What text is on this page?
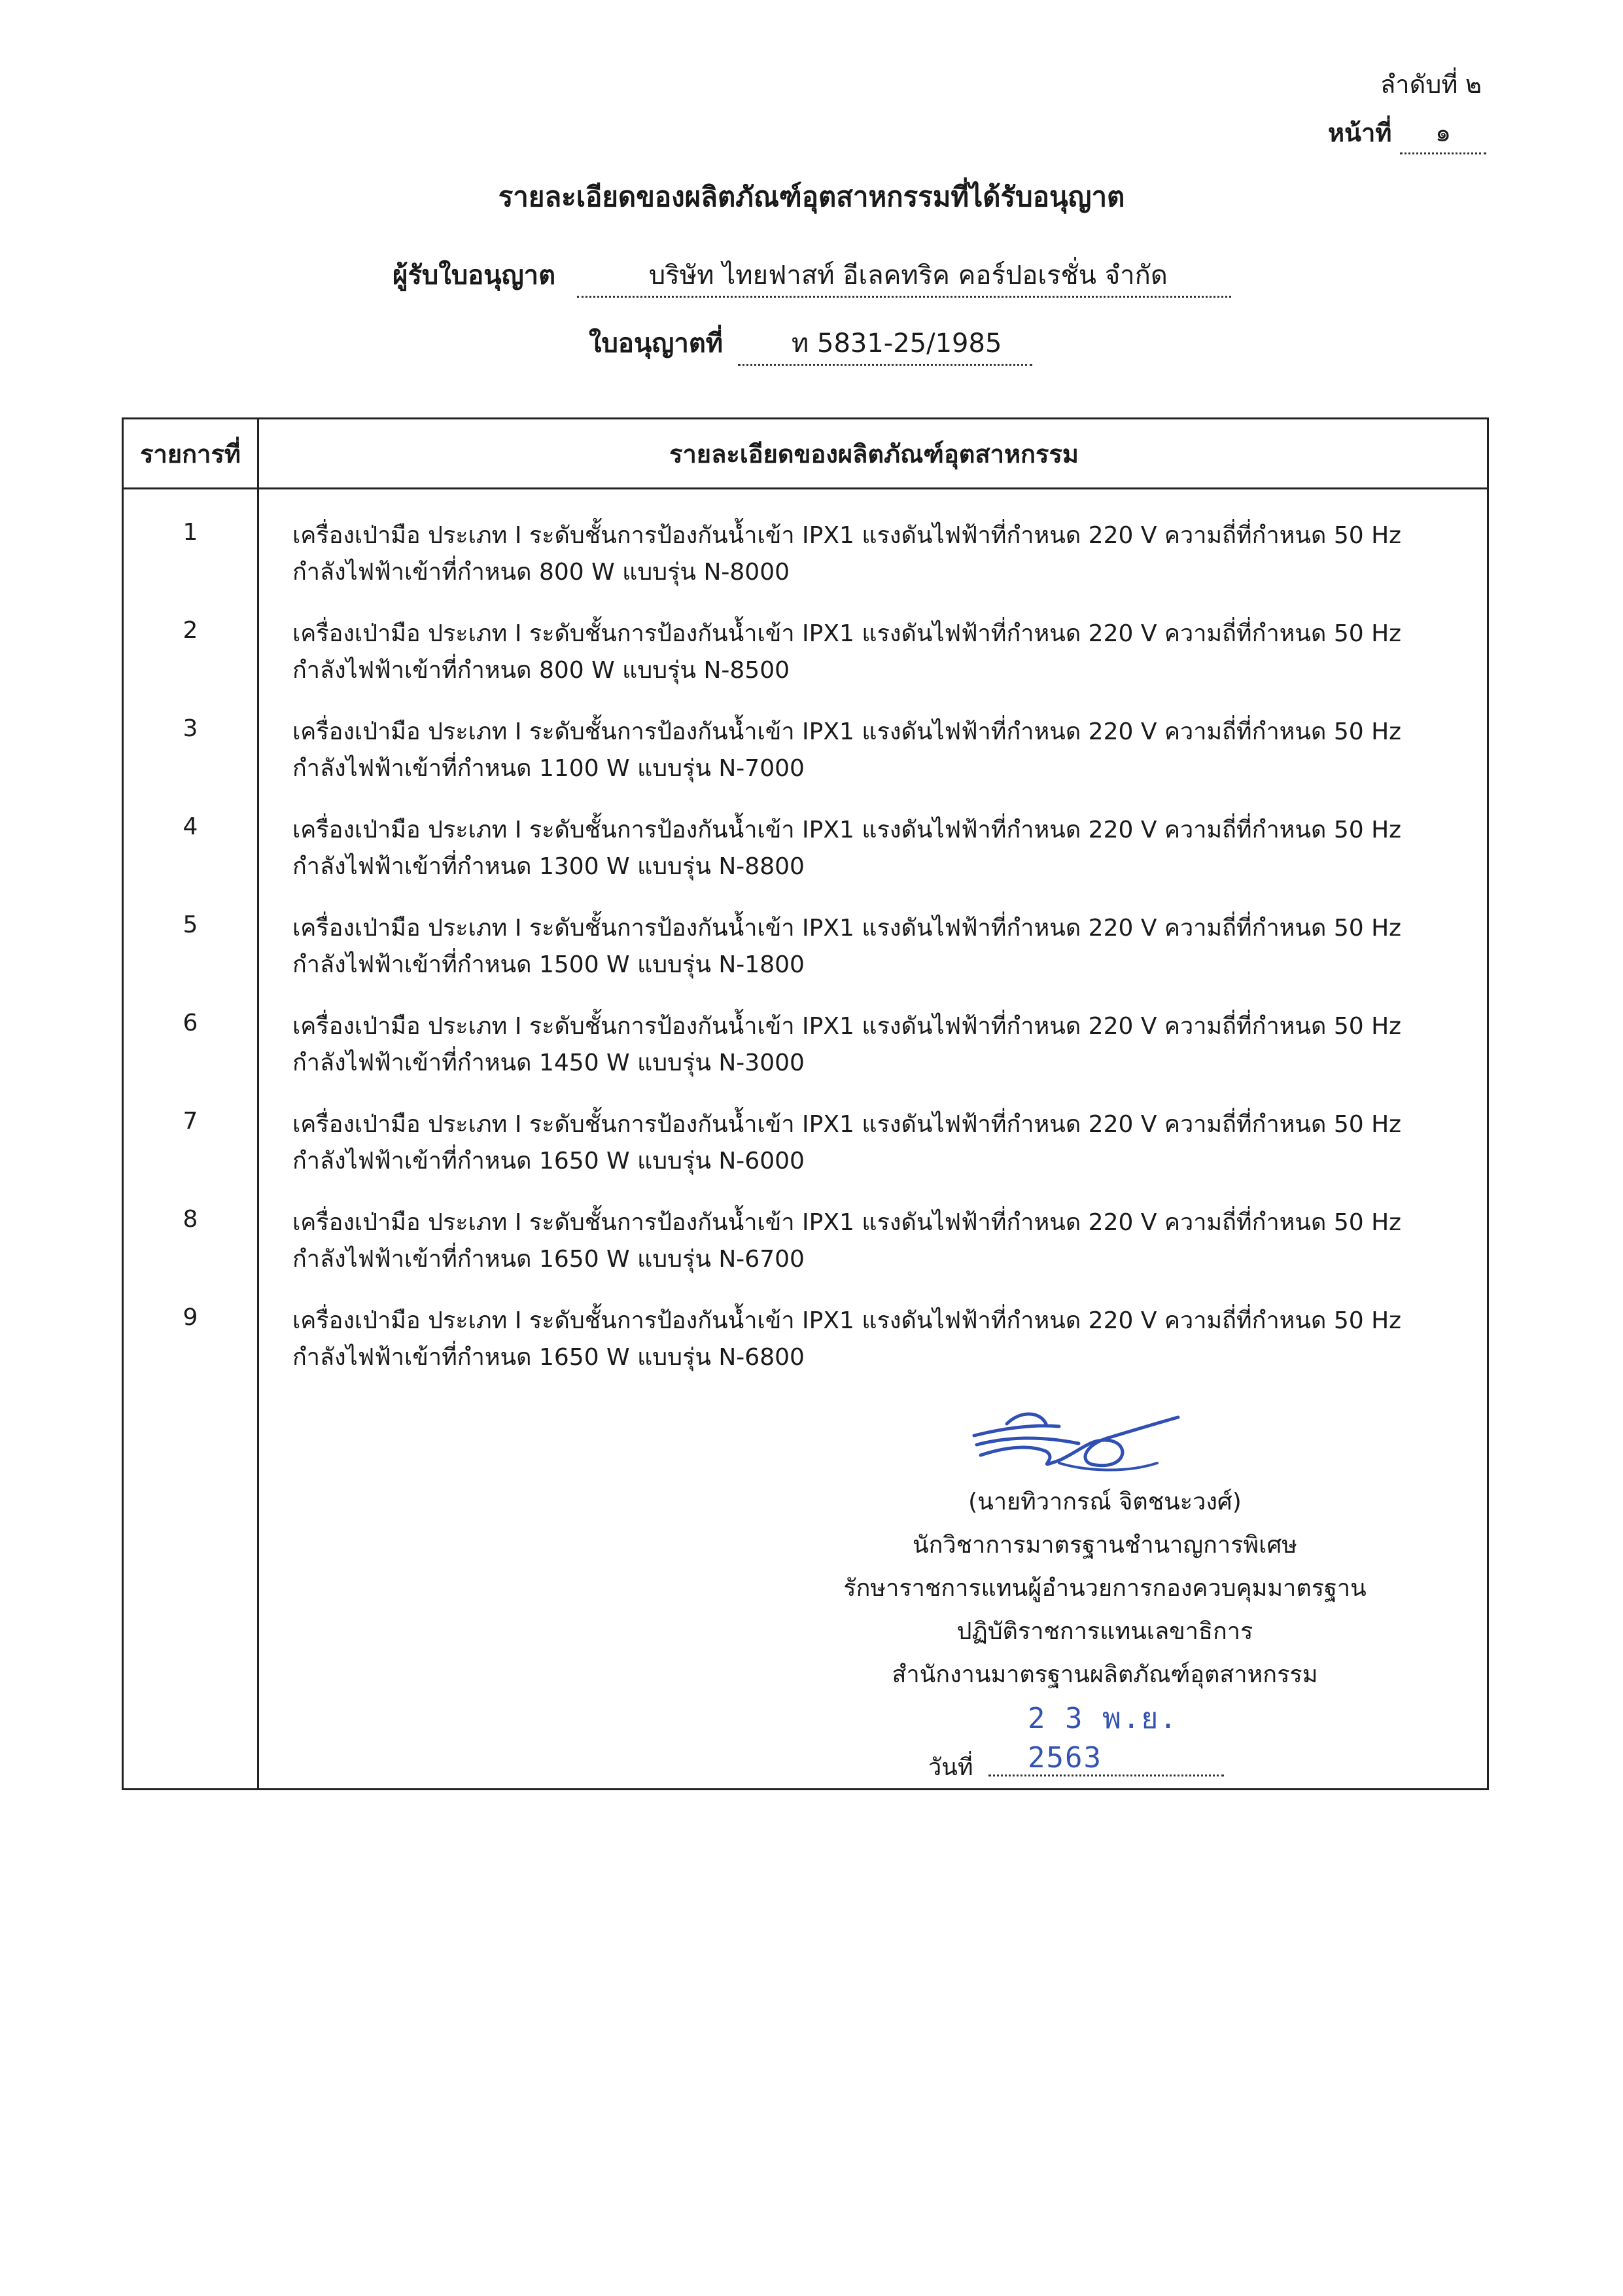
ลำดับที่ ๒
หน้าที่	๑
รายละเอียดของผลิตภัณฑ์อุตสาหกรรมที่ได้รับอนุญาต
ผู้รับใบอนุญาต	บริษัท ไทยฟาสท์ อีเลคทริค คอร์ปอเรชั่น จำกัด
ใบอนุญาตที่	ท 5831-25/1985
รายการที่	รายละเอียดของผลิตภัณฑ์อุตสาหกรรม
1	เครื่องเป่ามือ ประเภท I ระดับชั้นการป้องกันน้ำเข้า IPX1 แรงดันไฟฟ้าที่กำหนด 220 V ความถี่ที่กำหนด 50 Hz
กำลังไฟฟ้าเข้าที่กำหนด 800 W แบบรุ่น N-8000
2	เครื่องเป่ามือ ประเภท I ระดับชั้นการป้องกันน้ำเข้า IPX1 แรงดันไฟฟ้าที่กำหนด 220 V ความถี่ที่กำหนด 50 Hz
กำลังไฟฟ้าเข้าที่กำหนด 800 W แบบรุ่น N-8500
3	เครื่องเป่ามือ ประเภท I ระดับชั้นการป้องกันน้ำเข้า IPX1 แรงดันไฟฟ้าที่กำหนด 220 V ความถี่ที่กำหนด 50 Hz
กำลังไฟฟ้าเข้าที่กำหนด 1100 W แบบรุ่น N-7000
4	เครื่องเป่ามือ ประเภท I ระดับชั้นการป้องกันน้ำเข้า IPX1 แรงดันไฟฟ้าที่กำหนด 220 V ความถี่ที่กำหนด 50 Hz
กำลังไฟฟ้าเข้าที่กำหนด 1300 W แบบรุ่น N-8800
5	เครื่องเป่ามือ ประเภท I ระดับชั้นการป้องกันน้ำเข้า IPX1 แรงดันไฟฟ้าที่กำหนด 220 V ความถี่ที่กำหนด 50 Hz
กำลังไฟฟ้าเข้าที่กำหนด 1500 W แบบรุ่น N-1800
6	เครื่องเป่ามือ ประเภท I ระดับชั้นการป้องกันน้ำเข้า IPX1 แรงดันไฟฟ้าที่กำหนด 220 V ความถี่ที่กำหนด 50 Hz
กำลังไฟฟ้าเข้าที่กำหนด 1450 W แบบรุ่น N-3000
7	เครื่องเป่ามือ ประเภท I ระดับชั้นการป้องกันน้ำเข้า IPX1 แรงดันไฟฟ้าที่กำหนด 220 V ความถี่ที่กำหนด 50 Hz
กำลังไฟฟ้าเข้าที่กำหนด 1650 W แบบรุ่น N-6000
8	เครื่องเป่ามือ ประเภท I ระดับชั้นการป้องกันน้ำเข้า IPX1 แรงดันไฟฟ้าที่กำหนด 220 V ความถี่ที่กำหนด 50 Hz
กำลังไฟฟ้าเข้าที่กำหนด 1650 W แบบรุ่น N-6700
9	เครื่องเป่ามือ ประเภท I ระดับชั้นการป้องกันน้ำเข้า IPX1 แรงดันไฟฟ้าที่กำหนด 220 V ความถี่ที่กำหนด 50 Hz
กำลังไฟฟ้าเข้าที่กำหนด 1650 W แบบรุ่น N-6800
(นายทิวากรณ์ จิตชนะวงศ์)
นักวิชาการมาตรฐานชำนาญการพิเศษ
รักษาราชการแทนผู้อำนวยการกองควบคุมมาตรฐาน
ปฏิบัติราชการแทนเลขาธิการ
สำนักงานมาตรฐานผลิตภัณฑ์อุตสาหกรรม
วันที่ 2 3 พ.ย. 2563
